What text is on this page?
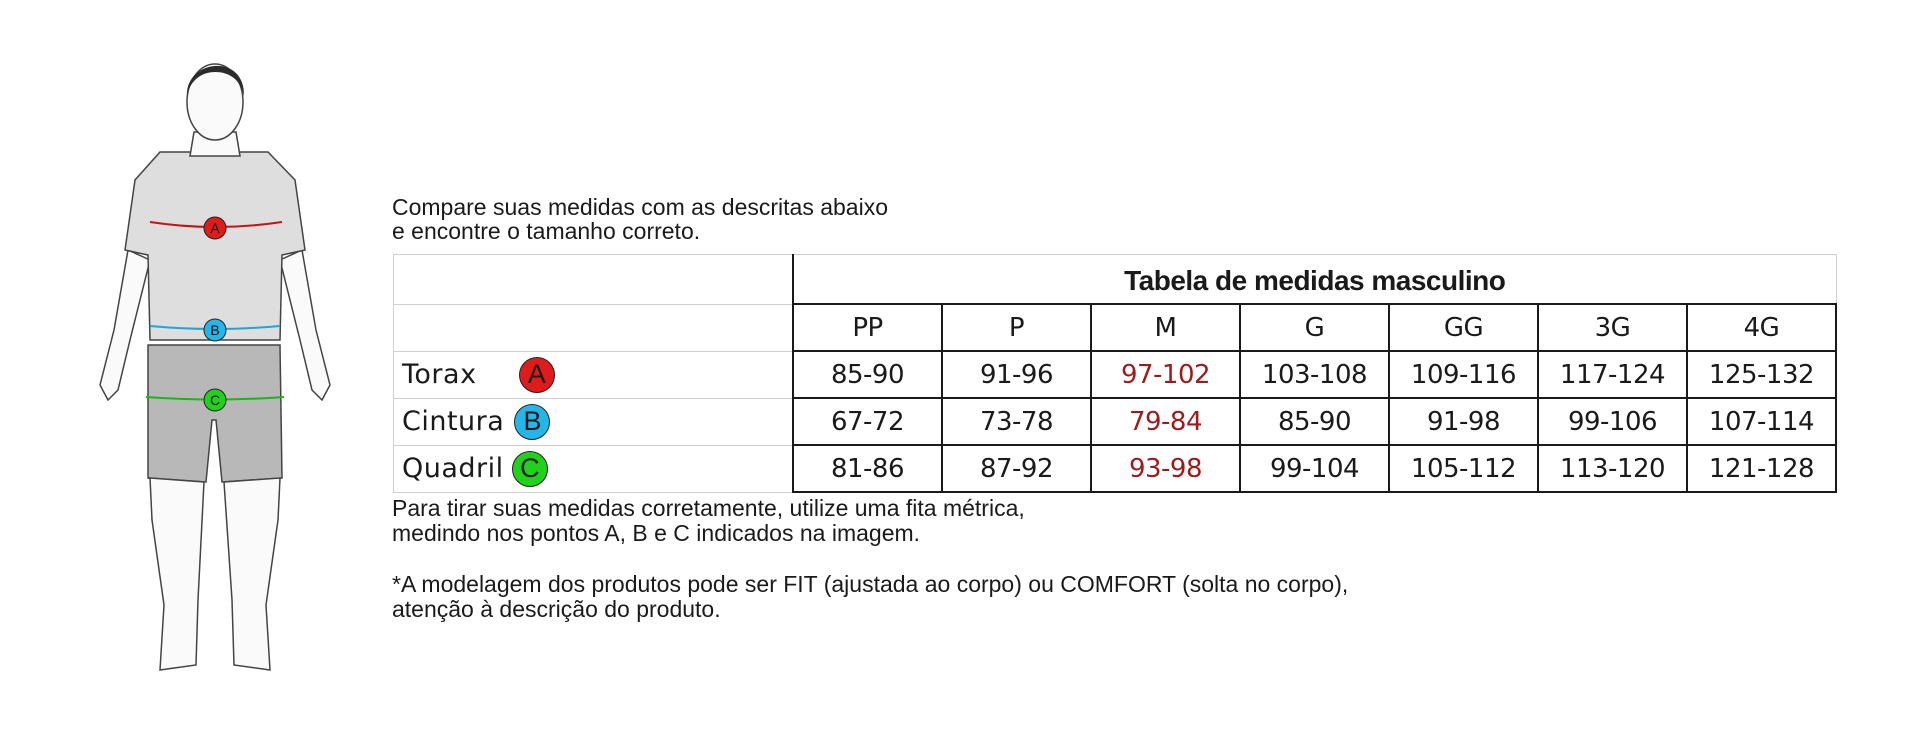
A
B
C
Compare suas medidas com as descritas abaixo
e encontre o tamanho correto.
	Tabela de medidas masculino						
	PP	P	M	G	GG	3G	4G

Torax A	85-90	91-96	97-102	103-108	109-116	117-124	125-132

Cintura B	67-72	73-78	79-84	85-90	91-98	99-106	107-114

Quadril C	81-86	87-92	93-98	99-104	105-112	113-120	121-128
Para tirar suas medidas corretamente, utilize uma fita métrica,
medindo nos pontos A, B e C indicados na imagem.
*A modelagem dos produtos pode ser FIT (ajustada ao corpo) ou COMFORT (solta no corpo),
atenção à descrição do produto.
